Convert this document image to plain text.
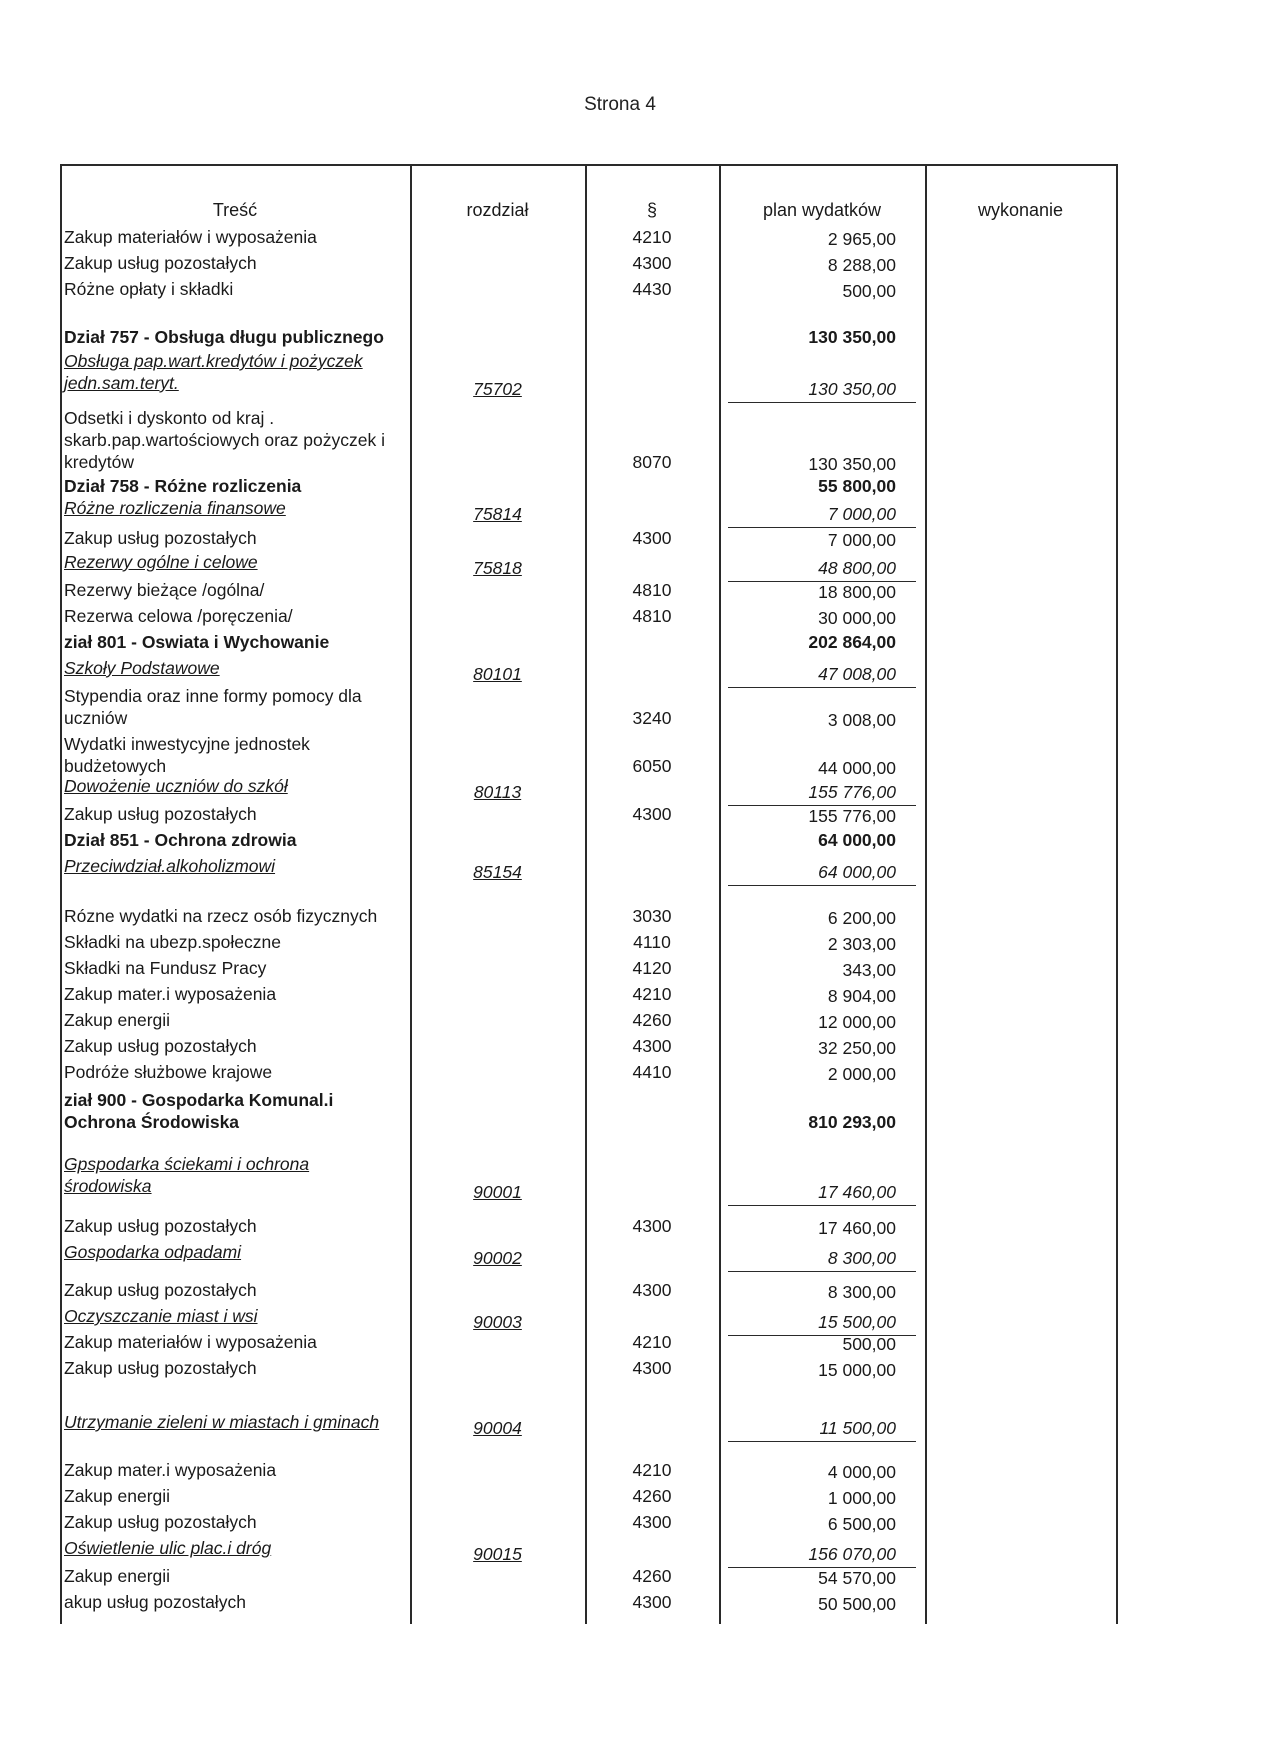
Strona 4
Treść	rozdział	§	plan wydatków	wykonanie
Zakup materiałów i wyposażenia	4210	2 965,00
Zakup usług pozostałych	4300	8 288,00
Różne opłaty i składki	4430	500,00
Dział 757 - Obsługa długu publicznego	130 350,00
Obsługa pap.wart.kredytów i pożyczek
jedn.sam.teryt.	75702	130 350,00
Odsetki i dyskonto od kraj .
skarb.pap.wartościowych oraz pożyczek i
kredytów	8070	130 350,00
Dział 758 - Różne rozliczenia	55 800,00
Różne rozliczenia finansowe	75814	7 000,00
Zakup usług pozostałych	4300	7 000,00
Rezerwy ogólne i celowe	75818	48 800,00
Rezerwy bieżące /ogólna/	4810	18 800,00
Rezerwa celowa /poręczenia/	4810	30 000,00
ział 801 - Oswiata i Wychowanie	202 864,00
Szkoły Podstawowe	80101	47 008,00
Stypendia oraz inne formy pomocy dla
uczniów	3240	3 008,00
Wydatki inwestycyjne jednostek
budżetowych	6050	44 000,00
Dowożenie uczniów do szkół	80113	155 776,00
Zakup usług pozostałych	4300	155 776,00
Dział 851 - Ochrona zdrowia	64 000,00
Przeciwdział.alkoholizmowi	85154	64 000,00
Rózne wydatki na rzecz osób fizycznych	3030	6 200,00
Składki na ubezp.społeczne	4110	2 303,00
Składki na Fundusz Pracy	4120	343,00
Zakup mater.i wyposażenia	4210	8 904,00
Zakup energii	4260	12 000,00
Zakup usług pozostałych	4300	32 250,00
Podróże służbowe krajowe	4410	2 000,00
ział 900 - Gospodarka Komunal.i
Ochrona Środowiska	810 293,00
Gpspodarka ściekami i ochrona
środowiska	90001	17 460,00
Zakup usług pozostałych	4300	17 460,00
Gospodarka odpadami	90002	8 300,00
Zakup usług pozostałych	4300	8 300,00
Oczyszczanie miast i wsi	90003	15 500,00
Zakup materiałów i wyposażenia	4210	500,00
Zakup usług pozostałych	4300	15 000,00
Utrzymanie zieleni w miastach i gminach	90004	11 500,00
Zakup mater.i wyposażenia	4210	4 000,00
Zakup energii	4260	1 000,00
Zakup usług pozostałych	4300	6 500,00
Oświetlenie ulic plac.i dróg	90015	156 070,00
Zakup energii	4260	54 570,00
akup usług pozostałych	4300	50 500,00
